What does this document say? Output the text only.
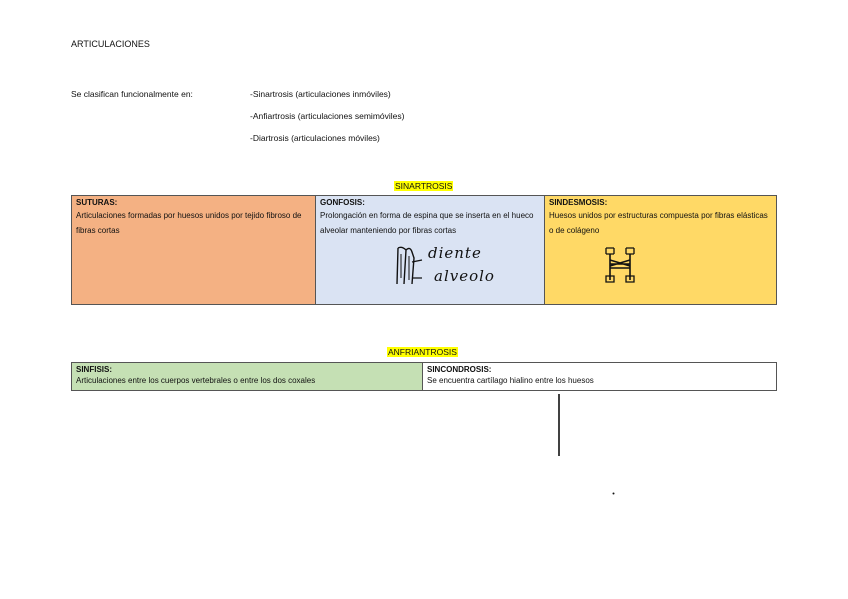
ARTICULACIONES
Se clasifican funcionalmente en:	-Sinartrosis (articulaciones inmóviles)
-Anfiartrosis (articulaciones semimóviles)
-Diartrosis (articulaciones móviles)
SINARTROSIS
SUTURAS:
Articulaciones formadas por huesos unidos por tejido fibroso de fibras cortas

GONFOSIS:
Prolongación en forma de espina que se inserta en el hueco alveolar manteniendo por fibras cortas

SINDESMOSIS:
Huesos unidos por estructuras compuesta por fibras elásticas o de colágeno
diente
alveolo
ANFRIANTROSIS
SINFISIS:
Articulaciones entre los cuerpos vertebrales o entre los dos coxales

SINCONDROSIS:
Se encuentra cartílago hialino entre los huesos
